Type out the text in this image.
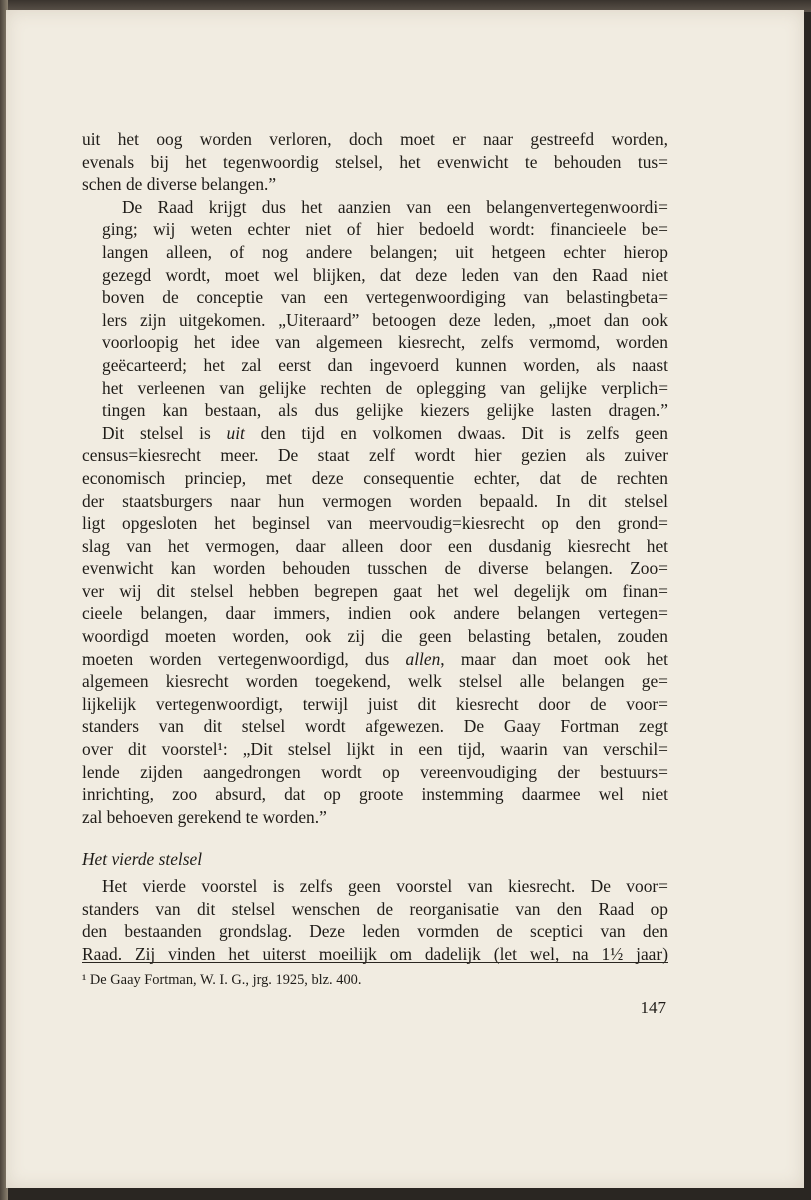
uit het oog worden verloren, doch moet er naar gestreefd worden,
evenals bij het tegenwoordig stelsel, het evenwicht te behouden tus=
schen de diverse belangen.”

De Raad krijgt dus het aanzien van een belangenvertegenwoordi=
ging; wij weten echter niet of hier bedoeld wordt: financieele be=
langen alleen, of nog andere belangen; uit hetgeen echter hierop
gezegd wordt, moet wel blijken, dat deze leden van den Raad niet
boven de conceptie van een vertegenwoordiging van belastingbeta=
lers zijn uitgekomen. „Uiteraard” betoogen deze leden, „moet dan ook
voorloopig het idee van algemeen kiesrecht, zelfs vermomd, worden
geëcarteerd; het zal eerst dan ingevoerd kunnen worden, als naast
het verleenen van gelijke rechten de oplegging van gelijke verplich=
tingen kan bestaan, als dus gelijke kiezers gelijke lasten dragen.”

Dit stelsel is uit den tijd en volkomen dwaas. Dit is zelfs geen
census=kiesrecht meer. De staat zelf wordt hier gezien als zuiver
economisch princiep, met deze consequentie echter, dat de rechten
der staatsburgers naar hun vermogen worden bepaald. In dit stelsel
ligt opgesloten het beginsel van meervoudig=kiesrecht op den grond=
slag van het vermogen, daar alleen door een dusdanig kiesrecht het
evenwicht kan worden behouden tusschen de diverse belangen. Zoo=
ver wij dit stelsel hebben begrepen gaat het wel degelijk om finan=
cieele belangen, daar immers, indien ook andere belangen vertegen=
woordigd moeten worden, ook zij die geen belasting betalen, zouden
moeten worden vertegenwoordigd, dus allen, maar dan moet ook het
algemeen kiesrecht worden toegekend, welk stelsel alle belangen ge=
lijkelijk vertegenwoordigt, terwijl juist dit kiesrecht door de voor=
standers van dit stelsel wordt afgewezen. De Gaay Fortman zegt
over dit voorstel¹: „Dit stelsel lijkt in een tijd, waarin van verschil=
lende zijden aangedrongen wordt op vereenvoudiging der bestuurs=
inrichting, zoo absurd, dat op groote instemming daarmee wel niet
zal behoeven gerekend te worden.”

Het vierde stelsel

Het vierde voorstel is zelfs geen voorstel van kiesrecht. De voor=
standers van dit stelsel wenschen de reorganisatie van den Raad op
den bestaanden grondslag. Deze leden vormden de sceptici van den
Raad. Zij vinden het uiterst moeilijk om dadelijk (let wel, na 1½ jaar)

¹ De Gaay Fortman, W. I. G., jrg. 1925, blz. 400.
147
